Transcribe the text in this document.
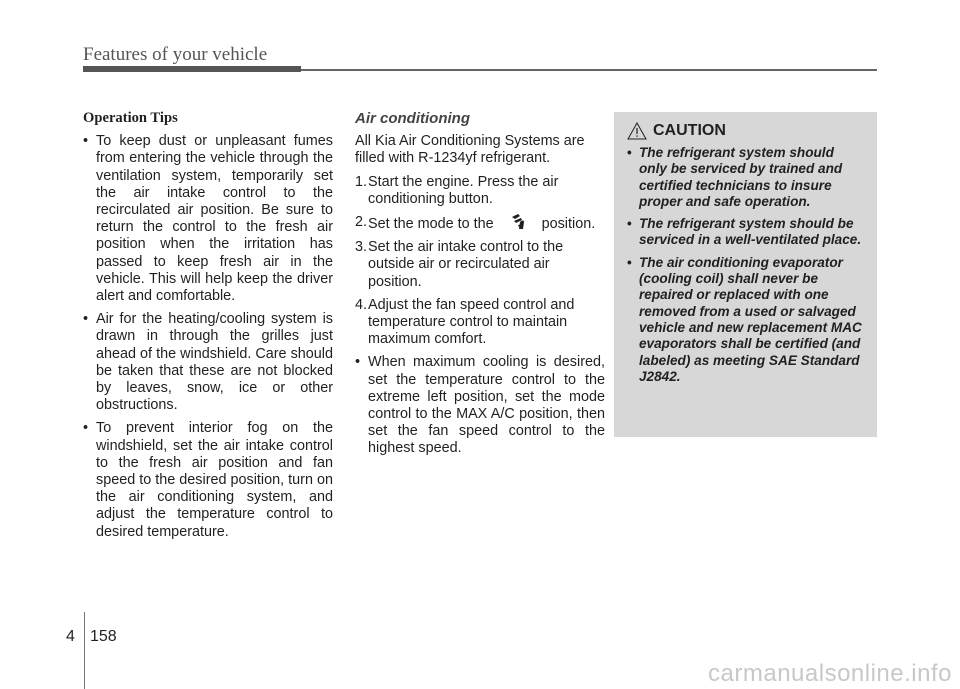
Features of your vehicle
Operation Tips
• To keep dust or unpleasant fumes from entering the vehicle through the ventilation system, temporarily set the air intake control to the recirculated air position. Be sure to return the control to the fresh air position when the irritation has passed to keep fresh air in the vehicle. This will help keep the driver alert and comfortable.
• Air for the heating/cooling system is drawn in through the grilles just ahead of the windshield. Care should be taken that these are not blocked by leaves, snow, ice or other obstructions.
• To prevent interior fog on the windshield, set the air intake control to the fresh air position and fan speed to the desired position, turn on the air conditioning system, and adjust the temperature control to desired temperature.
Air conditioning
All Kia Air Conditioning Systems are filled with R-1234yf refrigerant.
1. Start the engine. Press the air conditioning button.
2. Set the mode to the	position.
3. Set the air intake control to the outside air or recirculated air position.
4. Adjust the fan speed control and temperature control to maintain maximum comfort.
• When maximum cooling is desired, set the temperature control to the extreme left position, set the mode control to the MAX A/C position, then set the fan speed control to the highest speed.
CAUTION
• The refrigerant system should only be serviced by trained and certified technicians to insure proper and safe operation.
• The refrigerant system should be serviced in a well-ventilated place.
• The air conditioning evaporator (cooling coil) shall never be repaired or replaced with one removed from a used or salvaged vehicle and new replacement MAC evaporators shall be certified (and labeled) as meeting SAE Standard J2842.
4 158
carmanualsonline.info
